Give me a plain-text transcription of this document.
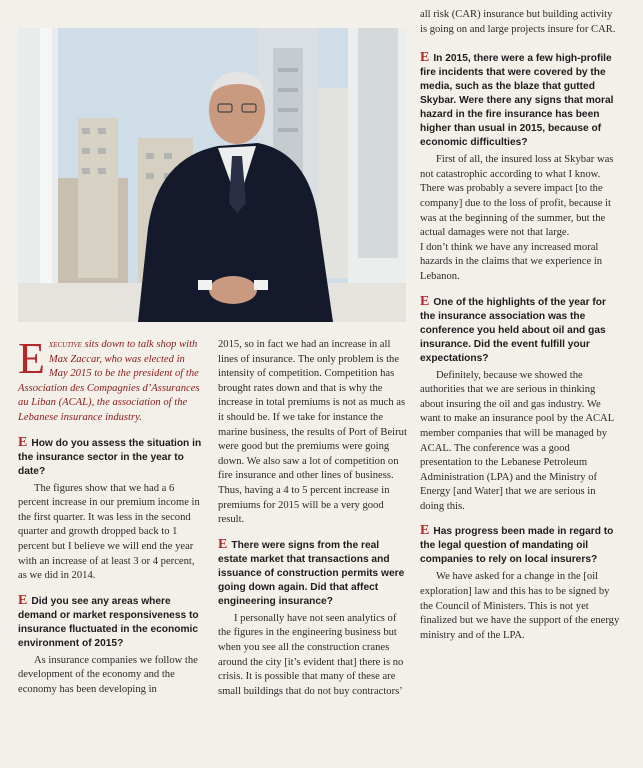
all risk (CAR) insurance but building activity is going on and large projects insure for CAR.

E In 2015, there were a few high-profile fire incidents that were covered by the media, such as the blaze that gutted Skybar. Were there any signs that moral hazard in the fire insurance has been higher than usual in 2015, because of economic difficulties?

First of all, the insured loss at Skybar was not catastrophic according to what I know. There was probably a severe impact [to the company] due to the loss of profit, because it was at the beginning of the summer, but the actual damages were not that large.

I don’t think we have any increased moral hazards in the claims that we experience in Lebanon.

E One of the highlights of the year for the insurance association was the conference you held about oil and gas insurance. Did the event fulfill your expectations?

Definitely, because we showed the authorities that we are serious in thinking about insuring the oil and gas industry. We want to make an insurance pool by the ACAL member companies that will be managed by ACAL. The conference was a good presentation to the Lebanese Petroleum Administration (LPA) and the Ministry of Energy [and Water] that we are serious in doing this.

E Has progress been made in regard to the legal question of mandating oil companies to rely on local insurers?

We have asked for a change in the [oil exploration] law and this has to be signed by the Council of Ministers. This is not yet finalized but we have the support of the energy ministry and of the LPA.

Executive sits down to talk shop with Max Zaccar, who was elected in May 2015 to be the president of the Association des Compagnies d’Assurances au Liban (ACAL), the association of the Lebanese insurance industry.

E How do you assess the situation in the insurance sector in the year to date?

The figures show that we had a 6 percent increase in our premium income in the first quarter. It was less in the second quarter and growth dropped back to 1 percent but I believe we will end the year with an increase of at least 3 or 4 percent, as we did in 2014.

E Did you see any areas where demand or market responsiveness to insurance fluctuated in the economic environment of 2015?

As insurance companies we follow the development of the economy and the economy has been developing in

2015, so in fact we had an increase in all lines of insurance. The only problem is the intensity of competition. Competition has brought rates down and that is why the increase in total premiums is not as much as it should be. If we take for instance the marine business, the results of Port of Beirut were good but the premiums were going down. We also saw a lot of competition on fire insurance and other lines of business. Thus, having a 4 to 5 percent increase in premiums for 2015 will be a very good result.

E There were signs from the real estate market that transactions and issuance of construction permits were going down again. Did that affect engineering insurance?

I personally have not seen analytics of the figures in the engineering business but when you see all the construction cranes around the city [it’s evident that] there is no crisis. It is possible that many of these are small buildings that do not buy contractors’
